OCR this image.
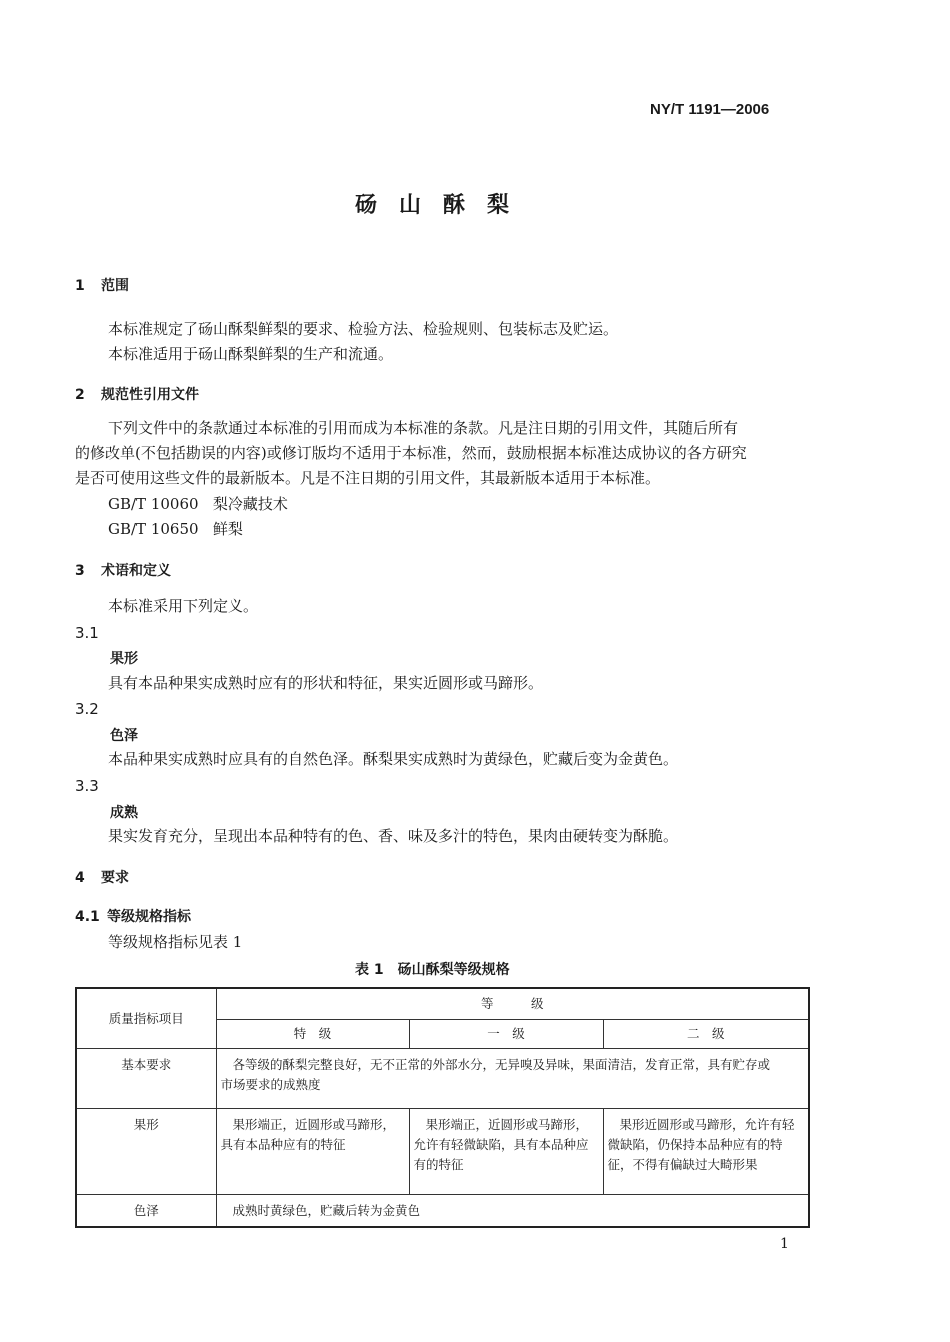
NY/T 1191—2006
砀山酥梨
1 范围
本标准规定了砀山酥梨鲜梨的要求、检验方法、检验规则、包装标志及贮运。
本标准适用于砀山酥梨鲜梨的生产和流通。
2 规范性引用文件
下列文件中的条款通过本标准的引用而成为本标准的条款。凡是注日期的引用文件，其随后所有
的修改单(不包括勘误的内容)或修订版均不适用于本标准，然而，鼓励根据本标准达成协议的各方研究
是否可使用这些文件的最新版本。凡是不注日期的引用文件，其最新版本适用于本标准。
GB/T 10060 梨冷藏技术
GB/T 10650 鲜梨
3 术语和定义
本标准采用下列定义。
3.1
果形
具有本品种果实成熟时应有的形状和特征，果实近圆形或马蹄形。
3.2
色泽
本品种果实成熟时应具有的自然色泽。酥梨果实成熟时为黄绿色，贮藏后变为金黄色。
3.3
成熟
果实发育充分，呈现出本品种特有的色、香、味及多汁的特色，果肉由硬转变为酥脆。
4 要求
4.1 等级规格指标
等级规格指标见表 1
表 1　砀山酥梨等级规格
质量指标项目	等　　　级		
	特　级	一　级	二　级
基本要求	各等级的酥梨完整良好，无不正常的外部水分，无异嗅及异味，果面清洁，发育正常，具有贮存或
市场要求的成熟度		

果形	果形端正，近圆形或马蹄形，具有本品种应有的特征	果形端正，近圆形或马蹄形，允许有轻微缺陷，具有本品种应有的特征	果形近圆形或马蹄形，允许有轻微缺陷，仍保持本品种应有的特征，不得有偏缺过大畸形果
色泽	成熟时黄绿色，贮藏后转为金黄色		
1
